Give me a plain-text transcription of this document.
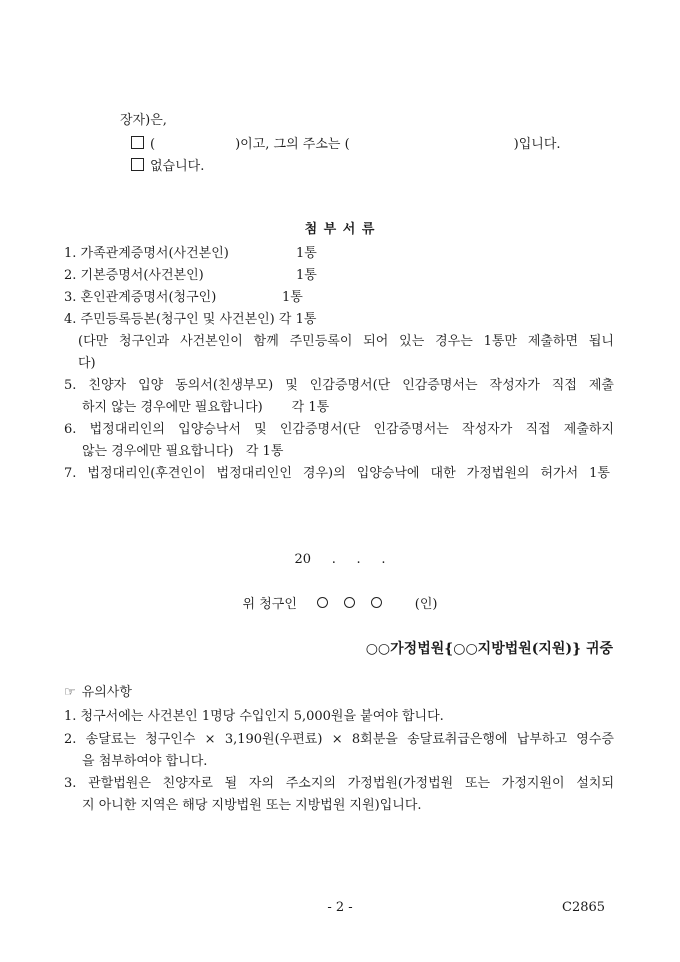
장자)은,
(	)이고, 그의 주소는 (	)입니다.
없습니다.
첨 부 서 류
1. 가족관계증명서(사건본인)	1통
2. 기본증명서(사건본인)	1통
3. 혼인관계증명서(청구인)	1통
4. 주민등록등본(청구인 및 사건본인) 각 1통
(다만 청구인과 사건본인이 함께 주민등록이 되어 있는 경우는 1통만 제출하면 됩니
다)
5. 친양자 입양 동의서(친생부모) 및 인감증명서(단 인감증명서는 작성자가 직접 제출
하지 않는 경우에만 필요합니다)       각 1통
6. 법정대리인의 입양승낙서 및 인감증명서(단 인감증명서는 작성자가 직접 제출하지
않는 경우에만 필요합니다)   각 1통
7. 법정대리인(후견인이 법정대리인인 경우)의 입양승낙에 대한 가정법원의 허가서 1통
20     .     .     .
위 청구인	(인)
○○가정법원{○○지방법원(지원)} 귀중
☞ 유의사항
1. 청구서에는 사건본인 1명당 수입인지 5,000원을 붙여야 합니다.
2. 송달료는 청구인수 × 3,190원(우편료) × 8회분을 송달료취급은행에 납부하고 영수증
을 첨부하여야 합니다.
3. 관할법원은 친양자로 될 자의 주소지의 가정법원(가정법원 또는 가정지원이 설치되
지 아니한 지역은 해당 지방법원 또는 지방법원 지원)입니다.
- 2 -	C2865
